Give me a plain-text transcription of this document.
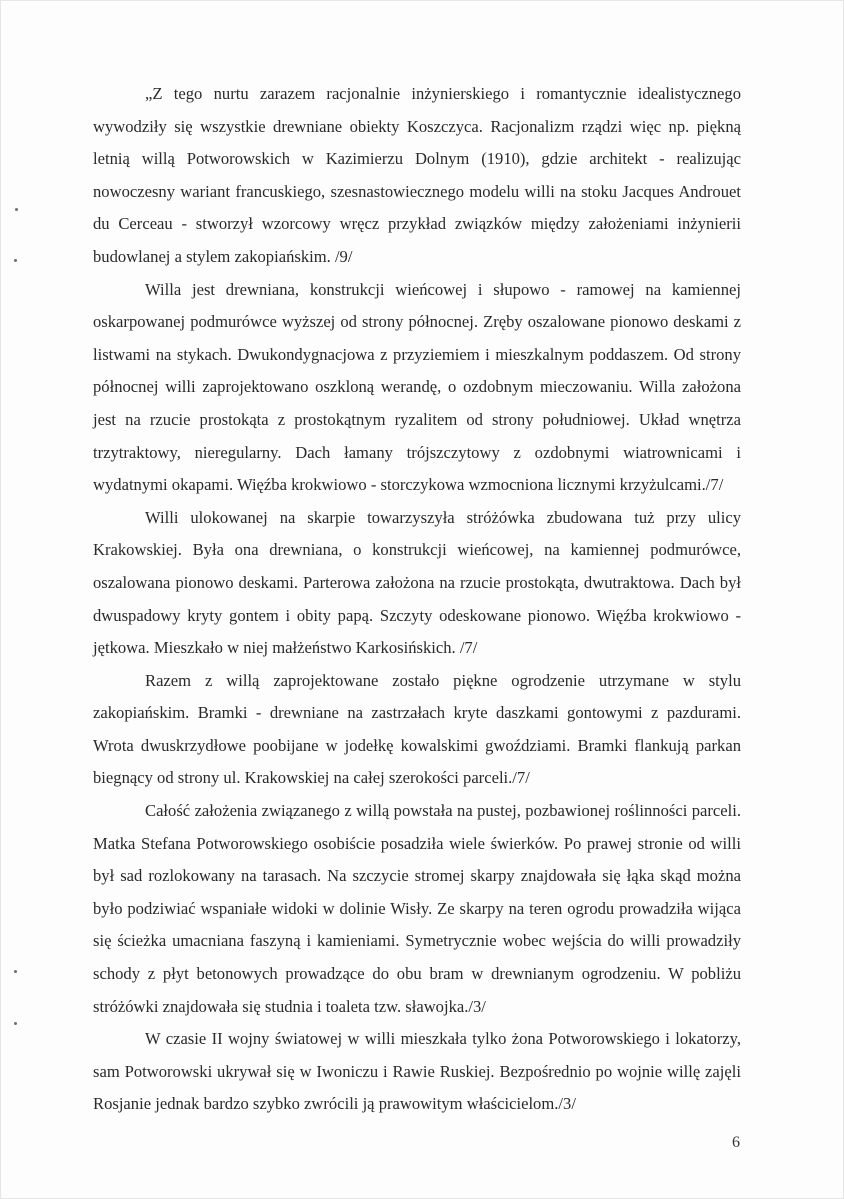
„Z tego nurtu zarazem racjonalnie inżynierskiego i romantycznie idealistycznego wywodziły się wszystkie drewniane obiekty Koszczyca. Racjonalizm rządzi więc np. piękną letnią willą Potworowskich w Kazimierzu Dolnym (1910), gdzie architekt - realizując nowoczesny wariant francuskiego, szesnastowiecznego modelu willi na stoku Jacques Androuet du Cerceau - stworzył wzorcowy wręcz przykład związków między założeniami inżynierii budowlanej a stylem zakopiańskim. /9/

Willa jest drewniana, konstrukcji wieńcowej i słupowo - ramowej na kamiennej oskarpowanej podmurówce wyższej od strony północnej. Zręby oszalowane pionowo deskami z listwami na stykach. Dwukondygnacjowa z przyziemiem i mieszkalnym poddaszem. Od strony północnej willi zaprojektowano oszkloną werandę, o ozdobnym mieczowaniu. Willa założona jest na rzucie prostokąta z prostokątnym ryzalitem od strony południowej. Układ wnętrza trzytraktowy, nieregularny. Dach łamany trójszczytowy z ozdobnymi wiatrownicami i wydatnymi okapami. Więźba krokwiowo - storczykowa wzmocniona licznymi krzyżulcami./7/

Willi ulokowanej na skarpie towarzyszyła stróżówka zbudowana tuż przy ulicy Krakowskiej. Była ona drewniana, o konstrukcji wieńcowej, na kamiennej podmurówce, oszalowana pionowo deskami. Parterowa założona na rzucie prostokąta, dwutraktowa. Dach był dwuspadowy kryty gontem i obity papą. Szczyty odeskowane pionowo. Więźba krokwiowo - jętkowa. Mieszkało w niej małżeństwo Karkosińskich. /7/

Razem z willą zaprojektowane zostało piękne ogrodzenie utrzymane w stylu zakopiańskim. Bramki - drewniane na zastrzałach kryte daszkami gontowymi z pazdurami. Wrota dwuskrzydłowe poobijane w jodełkę kowalskimi gwoździami. Bramki flankują parkan biegnący od strony ul. Krakowskiej na całej szerokości parceli./7/

Całość założenia związanego z willą powstała na pustej, pozbawionej roślinności parceli. Matka Stefana Potworowskiego osobiście posadziła wiele świerków. Po prawej stronie od willi był sad rozlokowany na tarasach. Na szczycie stromej skarpy znajdowała się łąka skąd można było podziwiać wspaniałe widoki w dolinie Wisły. Ze skarpy na teren ogrodu prowadziła wijąca się ścieżka umacniana faszyną i kamieniami. Symetrycznie wobec wejścia do willi prowadziły schody z płyt betonowych prowadzące do obu bram w drewnianym ogrodzeniu. W pobliżu stróżówki znajdowała się studnia i toaleta tzw. sławojka./3/

W czasie II wojny światowej w willi mieszkała tylko żona Potworowskiego i lokatorzy, sam Potworowski ukrywał się w Iwoniczu i Rawie Ruskiej. Bezpośrednio po wojnie willę zajęli Rosjanie jednak bardzo szybko zwrócili ją prawowitym właścicielom./3/

6
